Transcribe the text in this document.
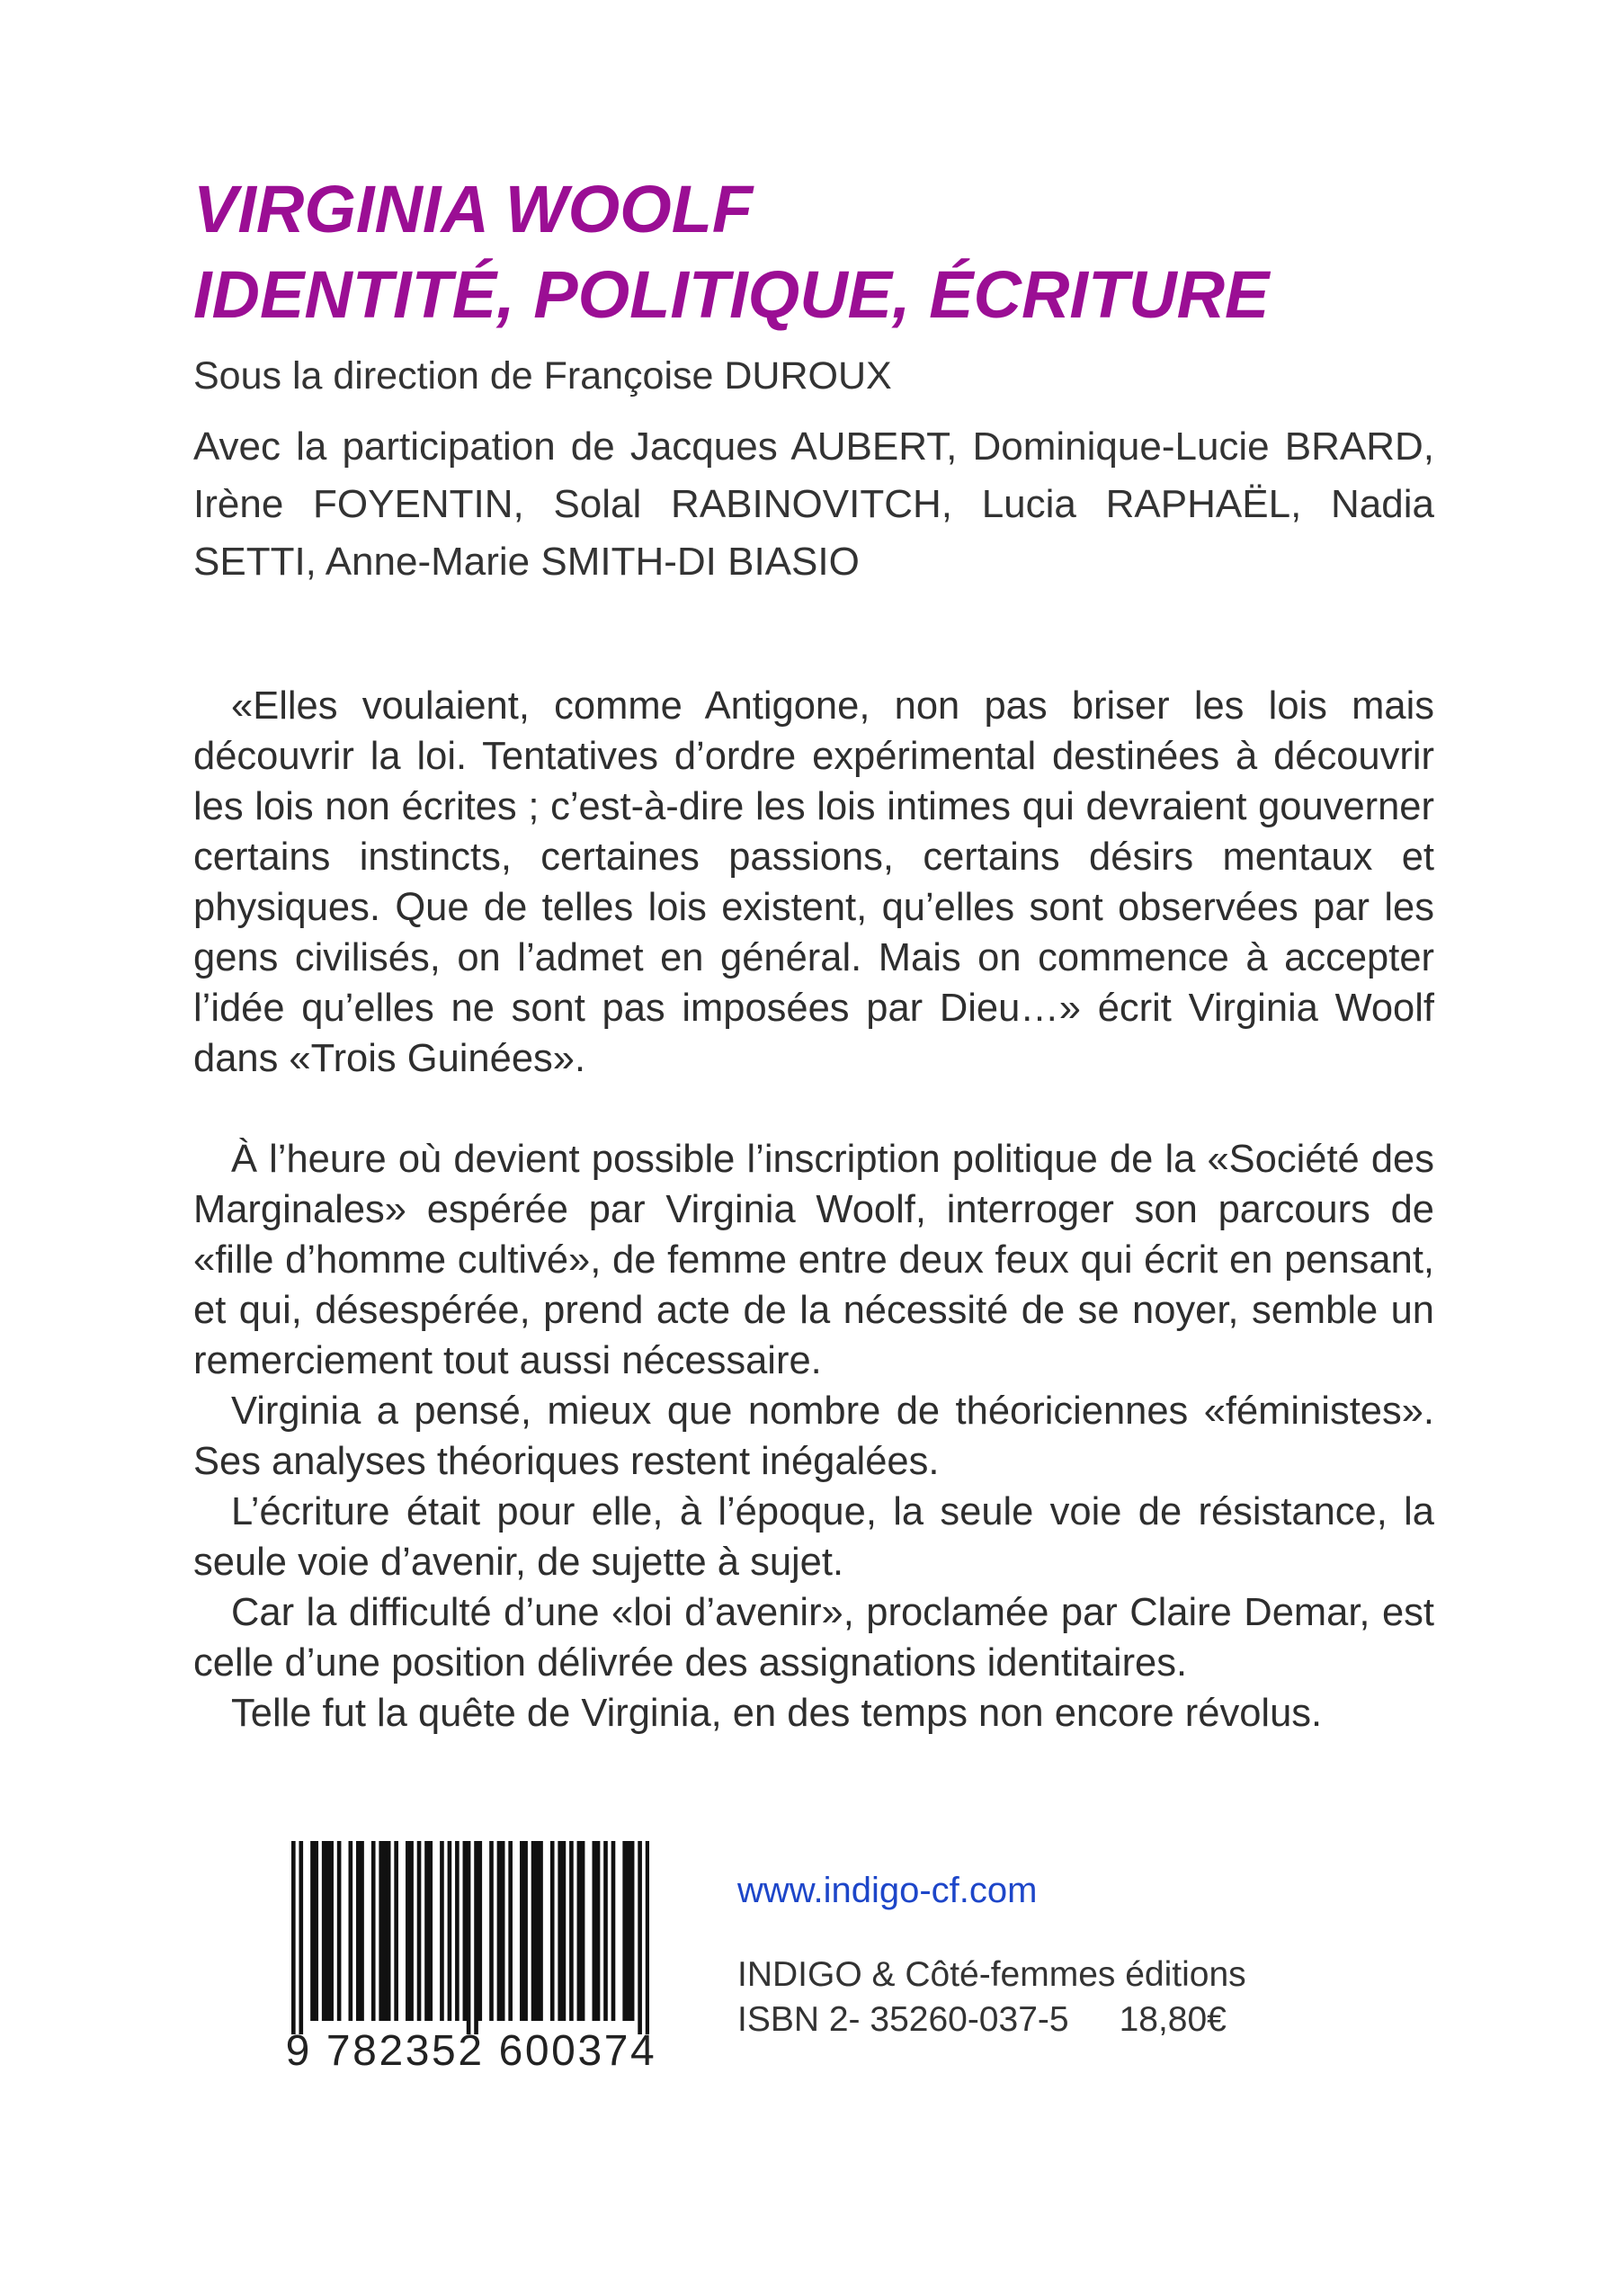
VIRGINIA WOOLF
IDENTITÉ, POLITIQUE, ÉCRITURE
Sous la direction de Françoise DUROUX
Avec la participation de Jacques AUBERT, Dominique-Lucie BRARD, Irène FOYENTIN, Solal RABINOVITCH, Lucia RAPHAËL, Nadia SETTI, Anne-Marie SMITH-DI BIASIO

«Elles voulaient, comme Antigone, non pas briser les lois mais découvrir la loi. Tentatives d’ordre expérimental destinées à découvrir les lois non écrites ; c’est-à-dire les lois intimes qui devraient gouverner certains instincts, certaines passions, certains désirs mentaux et physiques. Que de telles lois existent, qu’elles sont observées par les gens civilisés, on l’admet en général. Mais on commence à accepter l’idée qu’elles ne sont pas imposées par Dieu…» écrit Virginia Woolf dans «Trois Guinées».

À l’heure où devient possible l’inscription politique de la «Société des Marginales» espérée par Virginia Woolf, interroger son parcours de «fille d’homme cultivé», de femme entre deux feux qui écrit en pensant, et qui, désespérée, prend acte de la nécessité de se noyer, semble un remerciement tout aussi nécessaire.

Virginia a pensé, mieux que nombre de théoriciennes «féministes». Ses analyses théoriques restent inégalées.

L’écriture était pour elle, à l’époque, la seule voie de résistance, la seule voie d’avenir, de sujette à sujet.

Car la difficulté d’une «loi d’avenir», proclamée par Claire Demar, est celle d’une position délivrée des assignations identitaires.

Telle fut la quête de Virginia, en des temps non encore révolus.

9 782352 600374
www.indigo-cf.com
INDIGO & Côté-femmes éditions
ISBN 2- 35260-037-5 18,80€
